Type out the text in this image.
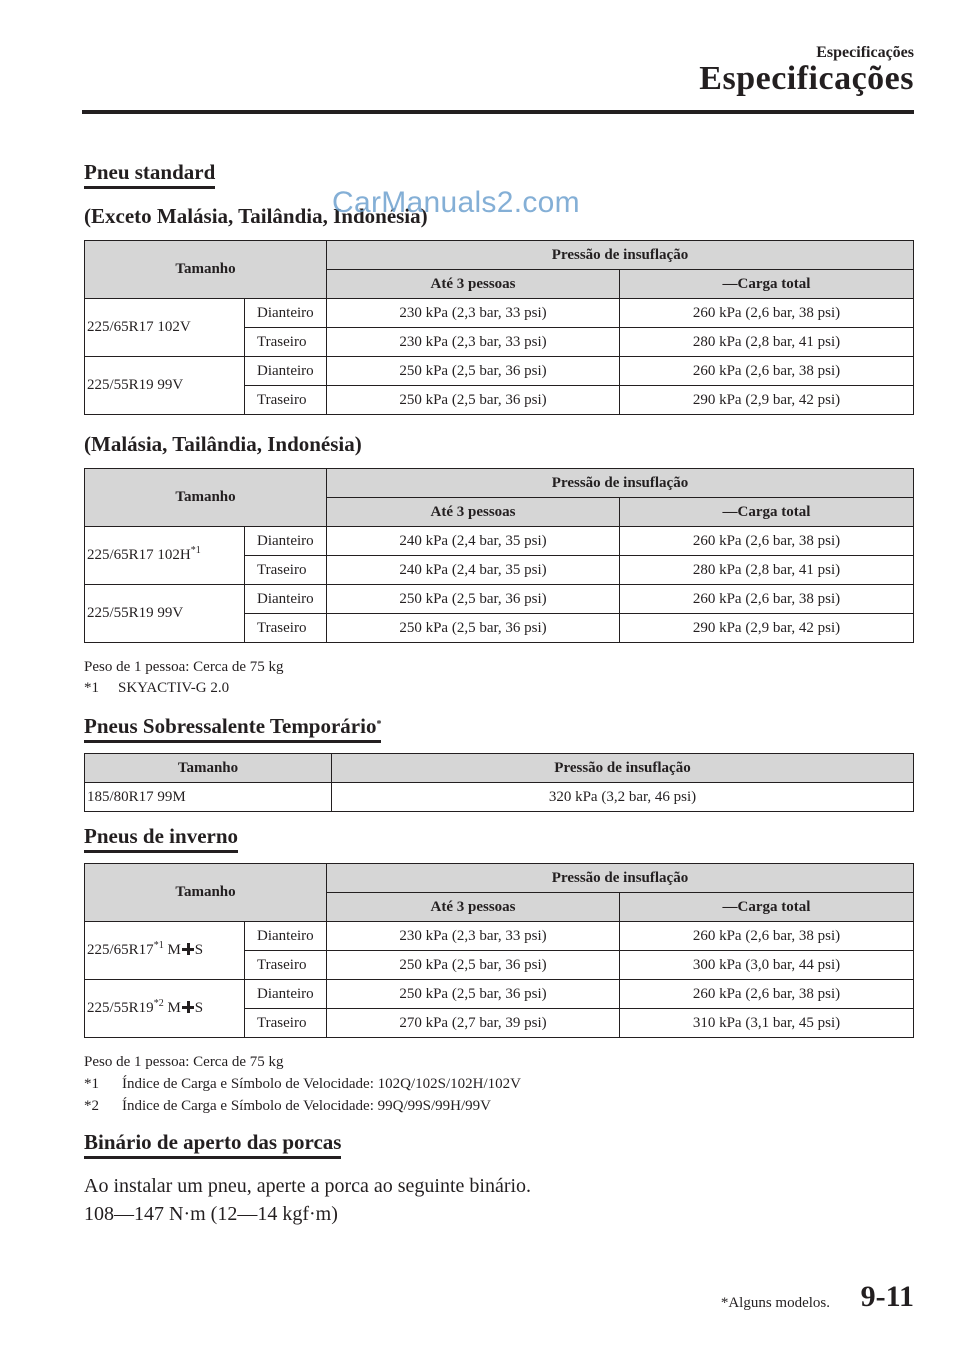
Especificações
Especificações
Pneu standard
(Exceto Malásia, Tailândia, Indonésia)
CarManuals2.com
Tamanho		Pressão de insuflação	
		Até 3 pessoas	—Carga total
225/65R17 102V	Dianteiro	230 kPa (2,3 bar, 33 psi)	260 kPa (2,6 bar, 38 psi)
	Traseiro	230 kPa (2,3 bar, 33 psi)	280 kPa (2,8 bar, 41 psi)
225/55R19 99V	Dianteiro	250 kPa (2,5 bar, 36 psi)	260 kPa (2,6 bar, 38 psi)
	Traseiro	250 kPa (2,5 bar, 36 psi)	290 kPa (2,9 bar, 42 psi)
(Malásia, Tailândia, Indonésia)
Tamanho		Pressão de insuflação	
		Até 3 pessoas	—Carga total
225/65R17 $102H^{*1}$	Dianteiro	240 kPa (2,4 bar, 35 psi)	260 kPa (2,6 bar, 38 psi)
	Traseiro	240 kPa (2,4 bar, 35 psi)	280 kPa (2,8 bar, 41 psi)
225/55R19 99V	Dianteiro	250 kPa (2,5 bar, 36 psi)	260 kPa (2,6 bar, 38 psi)
	Traseiro	250 kPa (2,5 bar, 36 psi)	290 kPa (2,9 bar, 42 psi)
Peso de 1 pessoa: Cerca de 75 kg
*1 SKYACTIV-G 2.0
Pneus Sobressalente Temporário*
Tamanho	Pressão de insuflação
185/80R17 99M	320 kPa (3,2 bar, 46 psi)
Pneus de inverno
Tamanho		Pressão de insuflação	
		Até 3 pessoas	—Carga total
225/65R17$^{*1}$ M S	Dianteiro	230 kPa (2,3 bar, 33 psi)	260 kPa (2,6 bar, 38 psi)
	Traseiro	250 kPa (2,5 bar, 36 psi)	300 kPa (3,0 bar, 44 psi)
225/55R19$^{*2}$ M S	Dianteiro	250 kPa (2,5 bar, 36 psi)	260 kPa (2,6 bar, 38 psi)
	Traseiro	270 kPa (2,7 bar, 39 psi)	310 kPa (3,1 bar, 45 psi)
Peso de 1 pessoa: Cerca de 75 kg
*1 Índice de Carga e Símbolo de Velocidade: 102Q/102S/102H/102V
*2 Índice de Carga e Símbolo de Velocidade: 99Q/99S/99H/99V
Binário de aperto das porcas
Ao instalar um pneu, aperte a porca ao seguinte binário.
108—147 N·m (12—14 kgf·m)
*Alguns modelos. 9-11
